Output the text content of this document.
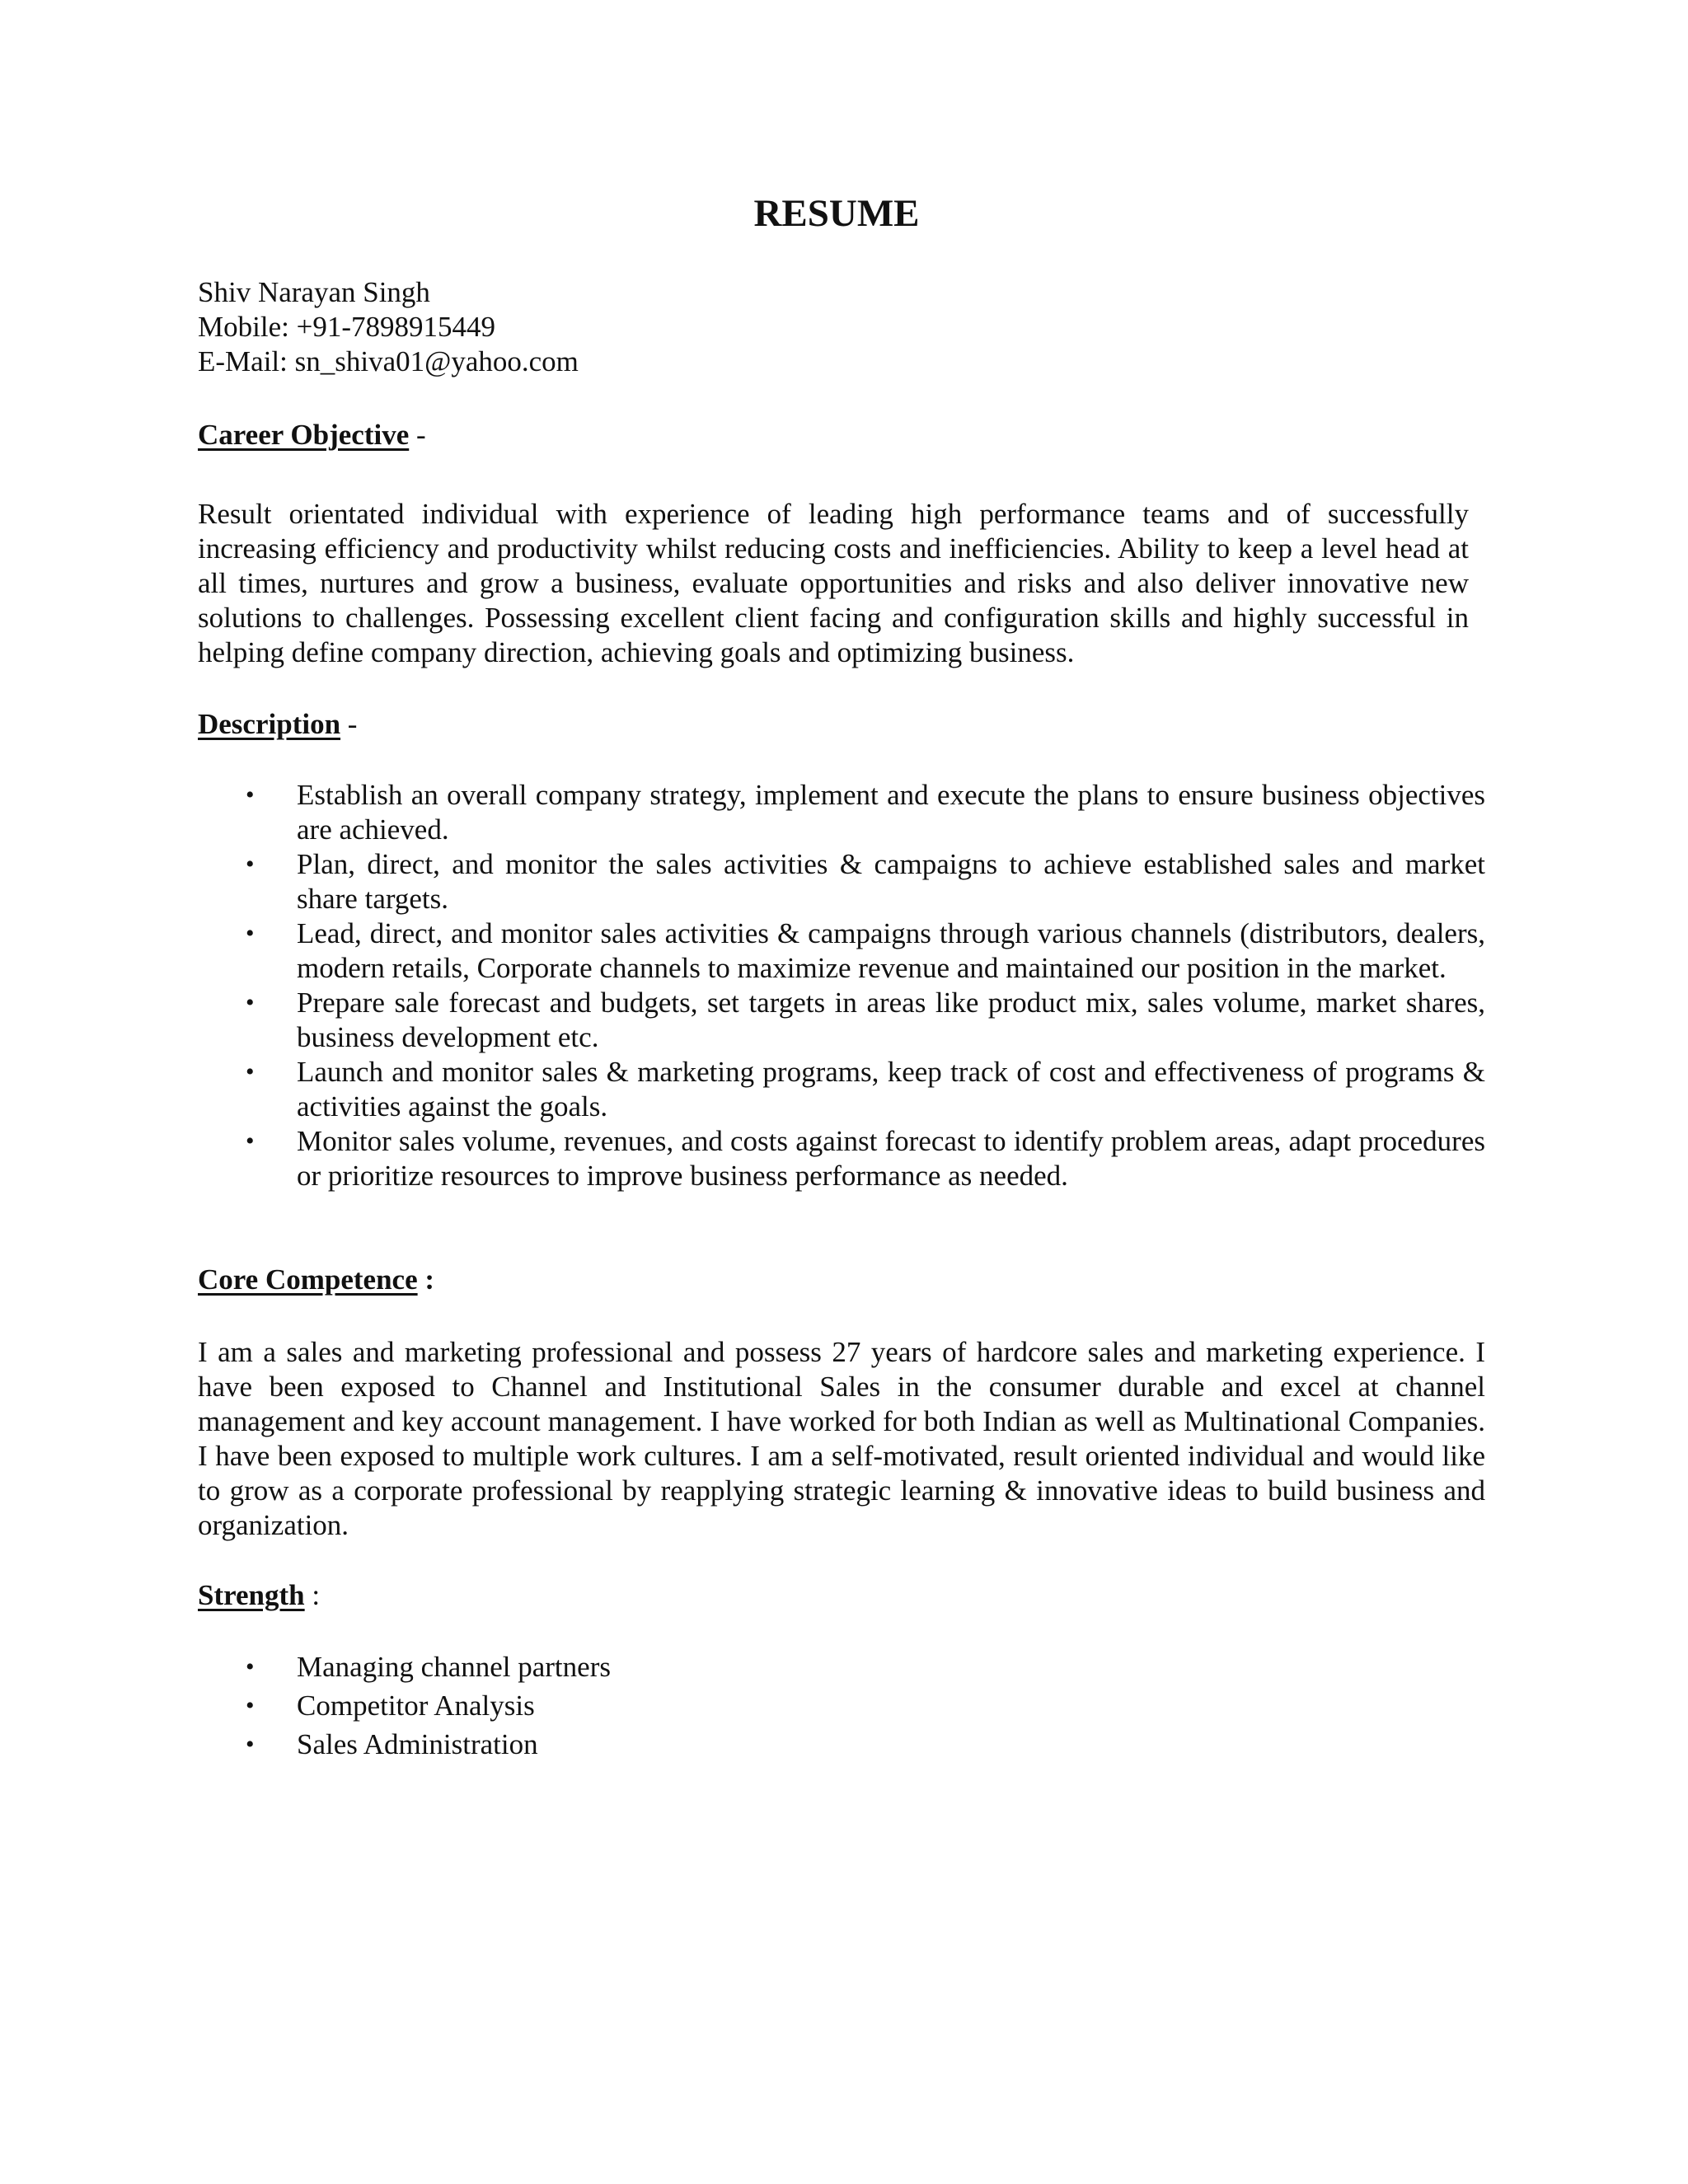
RESUME
Shiv Narayan Singh
Mobile: +91-7898915449
E-Mail: sn_shiva01@yahoo.com
Career Objective -
Result orientated individual with experience of leading high performance teams and of successfully increasing efficiency and productivity whilst reducing costs and inefficiencies. Ability to keep a level head at all times, nurtures and grow a business, evaluate opportunities and risks and also deliver innovative new solutions to challenges. Possessing excellent client facing and configuration skills and highly successful in helping define company direction, achieving goals and optimizing business.
Description -
• Establish an overall company strategy, implement and execute the plans to ensure business objectives are achieved.
• Plan, direct, and monitor the sales activities & campaigns to achieve established sales and market share targets.
• Lead, direct, and monitor sales activities & campaigns through various channels (distributors, dealers, modern retails, Corporate channels to maximize revenue and maintained our position in the market.
• Prepare sale forecast and budgets, set targets in areas like product mix, sales volume, market shares, business development etc.
• Launch and monitor sales & marketing programs, keep track of cost and effectiveness of programs & activities against the goals.
• Monitor sales volume, revenues, and costs against forecast to identify problem areas, adapt procedures or prioritize resources to improve business performance as needed.
Core Competence :
I am a sales and marketing professional and possess 27 years of hardcore sales and marketing experience. I have been exposed to Channel and Institutional Sales in the consumer durable and excel at channel management and key account management. I have worked for both Indian as well as Multinational Companies. I have been exposed to multiple work cultures. I am a self-motivated, result oriented individual and would like to grow as a corporate professional by reapplying strategic learning & innovative ideas to build business and organization.
Strength :
• Managing channel partners
• Competitor Analysis
• Sales Administration
